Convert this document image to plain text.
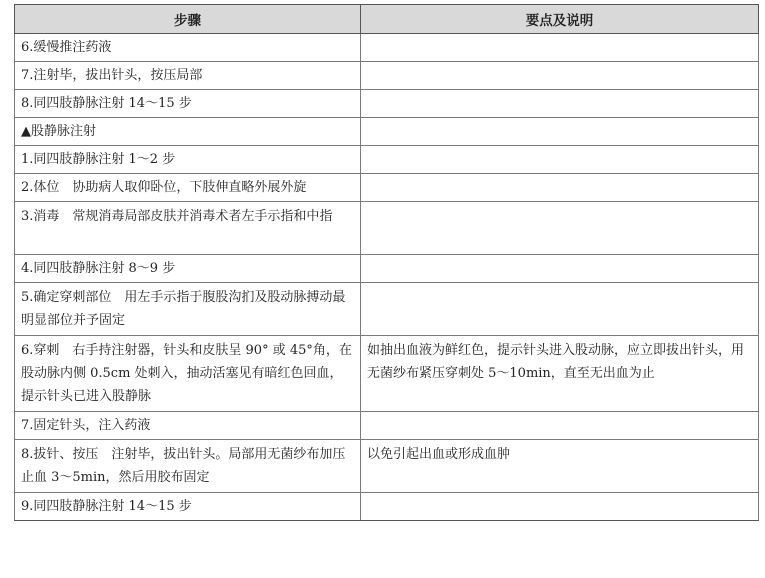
步骤	要点及说明
6.缓慢推注药液	
7.注射毕，拔出针头，按压局部	
8.同四肢静脉注射 14～15 步	
▲股静脉注射	
1.同四肢静脉注射 1～2 步	
2.体位　协助病人取仰卧位，下肢伸直略外展外旋	
3.消毒　常规消毒局部皮肤并消毒术者左手示指和中指	
4.同四肢静脉注射 8～9 步	
5.确定穿刺部位　用左手示指于腹股沟扪及股动脉搏动最明显部位并予固定	
6.穿刺　右手持注射器，针头和皮肤呈 90° 或 45°角，在股动脉内侧 0.5cm 处刺入，抽动活塞见有暗红色回血，提示针头已进入股静脉	如抽出血液为鲜红色，提示针头进入股动脉，应立即拔出针头，用无菌纱布紧压穿刺处 5～10min，直至无出血为止
7.固定针头，注入药液	
8.拔针、按压　注射毕，拔出针头。局部用无菌纱布加压止血 3～5min，然后用胶布固定	以免引起出血或形成血肿
9.同四肢静脉注射 14～15 步	
